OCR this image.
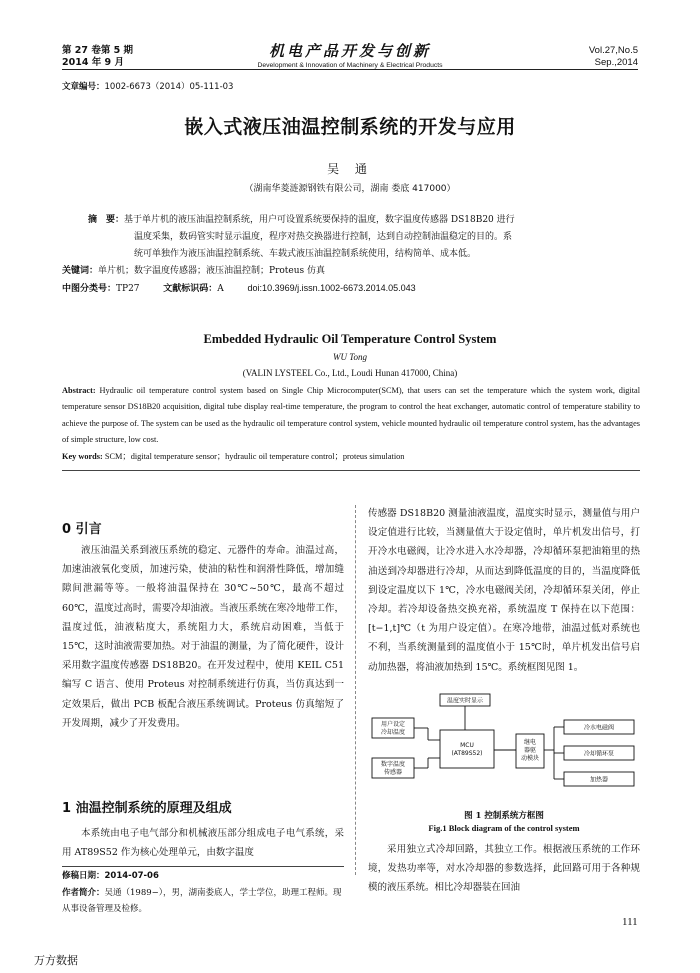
第 27 卷第 5 期
2014 年 9 月
机电产品开发与创新
Development & Innovation of Machinery & Electrical Products
Vol.27,No.5
Sep.,2014
文章编号：1002-6673（2014）05-111-03
嵌入式液压油温控制系统的开发与应用
吴 通
（湖南华菱涟源钢铁有限公司，湖南 娄底 417000）
摘　要：基于单片机的液压油温控制系统，用户可设置系统要保持的温度，数字温度传感器 DS18B20 进行
温度采集，数码管实时显示温度，程序对热交换器进行控制，达到自动控制油温稳定的目的。系
统可单独作为液压油温控制系统、车载式液压油温控制系统使用，结构简单、成本低。
关键词：单片机；数字温度传感器；液压油温控制；Proteus 仿真
中图分类号：TP27	文献标识码：A	doi:10.3969/j.issn.1002-6673.2014.05.043
Embedded Hydraulic Oil Temperature Control System
WU Tong
(VALIN LYSTEEL Co., Ltd., Loudi Hunan 417000, China)
Abstract: Hydraulic oil temperature control system based on Single Chip Microcomputer(SCM), that users can set the temperature which the system work, digital temperature sensor DS18B20 acquisition, digital tube display real-time temperature, the program to control the heat exchanger, automatic control of temperature stability to achieve the purpose of. The system can be used as the hydraulic oil temperature control system, vehicle mounted hydraulic oil temperature control system, has the advantages of simple structure, low cost.
Key words: SCM；digital temperature sensor；hydraulic oil temperature control；proteus simulation
0 引言

液压油温关系到液压系统的稳定、元器件的寿命。油温过高，加速油液氧化变质，加速污染，使油的粘性和润滑性降低，增加缝隙间泄漏等等。一般将油温保持在 30℃~50℃，最高不超过 60℃，温度过高时，需要冷却油液。当液压系统在寒冷地带工作，温度过低，油液粘度大，系统阻力大，系统启动困难，当低于 15℃，这时油液需要加热。对于油温的测量，为了简化硬件，设计采用数字温度传感器 DS18B20。在开发过程中，使用 KEIL C51 编写 C 语言、使用 Proteus 对控制系统进行仿真，当仿真达到一定效果后，做出 PCB 板配合液压系统调试。Proteus 仿真缩短了开发周期，减少了开发费用。

1 油温控制系统的原理及组成

本系统由电子电气部分和机械液压部分组成电子电气系统，采用 AT89S52 作为核心处理单元，由数字温度

修稿日期：2014-07-06
作者简介：吴通（1989−），男，湖南娄底人，学士学位，助理工程师。现从事设备管理及检修。

传感器 DS18B20 测量油液温度，温度实时显示，测量值与用户设定值进行比较，当测量值大于设定值时，单片机发出信号，打开冷水电磁阀，让冷水进入水冷却器，冷却循环泵把油箱里的热油送到冷却器进行冷却，从而达到降低温度的目的，当温度降低到设定温度以下 1℃，冷水电磁阀关闭，冷却循环泵关闭，停止冷却。若冷却设备热交换充裕，系统温度 T 保持在以下范围：[t−1,t]℃（t 为用户设定值）。在寒冷地带，油温过低对系统也不利，当系统测量到的温度值小于 15℃时，单片机发出信号启动加热器，将油液加热到 15℃。系统框图见图 1。

温度实时显示
用户设定
冷却温度
MCU
(AT89S52)
数字温度
传感器
继电
器驱
动模块
冷水电磁阀
冷却循环泵
加热器
图 1 控制系统方框图
Fig.1 Block diagram of the control system

采用独立式冷却回路，其独立工作。根据液压系统的工作环境，发热功率等，对水冷却器的参数选择，此回路可用于各种规模的液压系统。相比冷却器装在回油

111
万方数据
